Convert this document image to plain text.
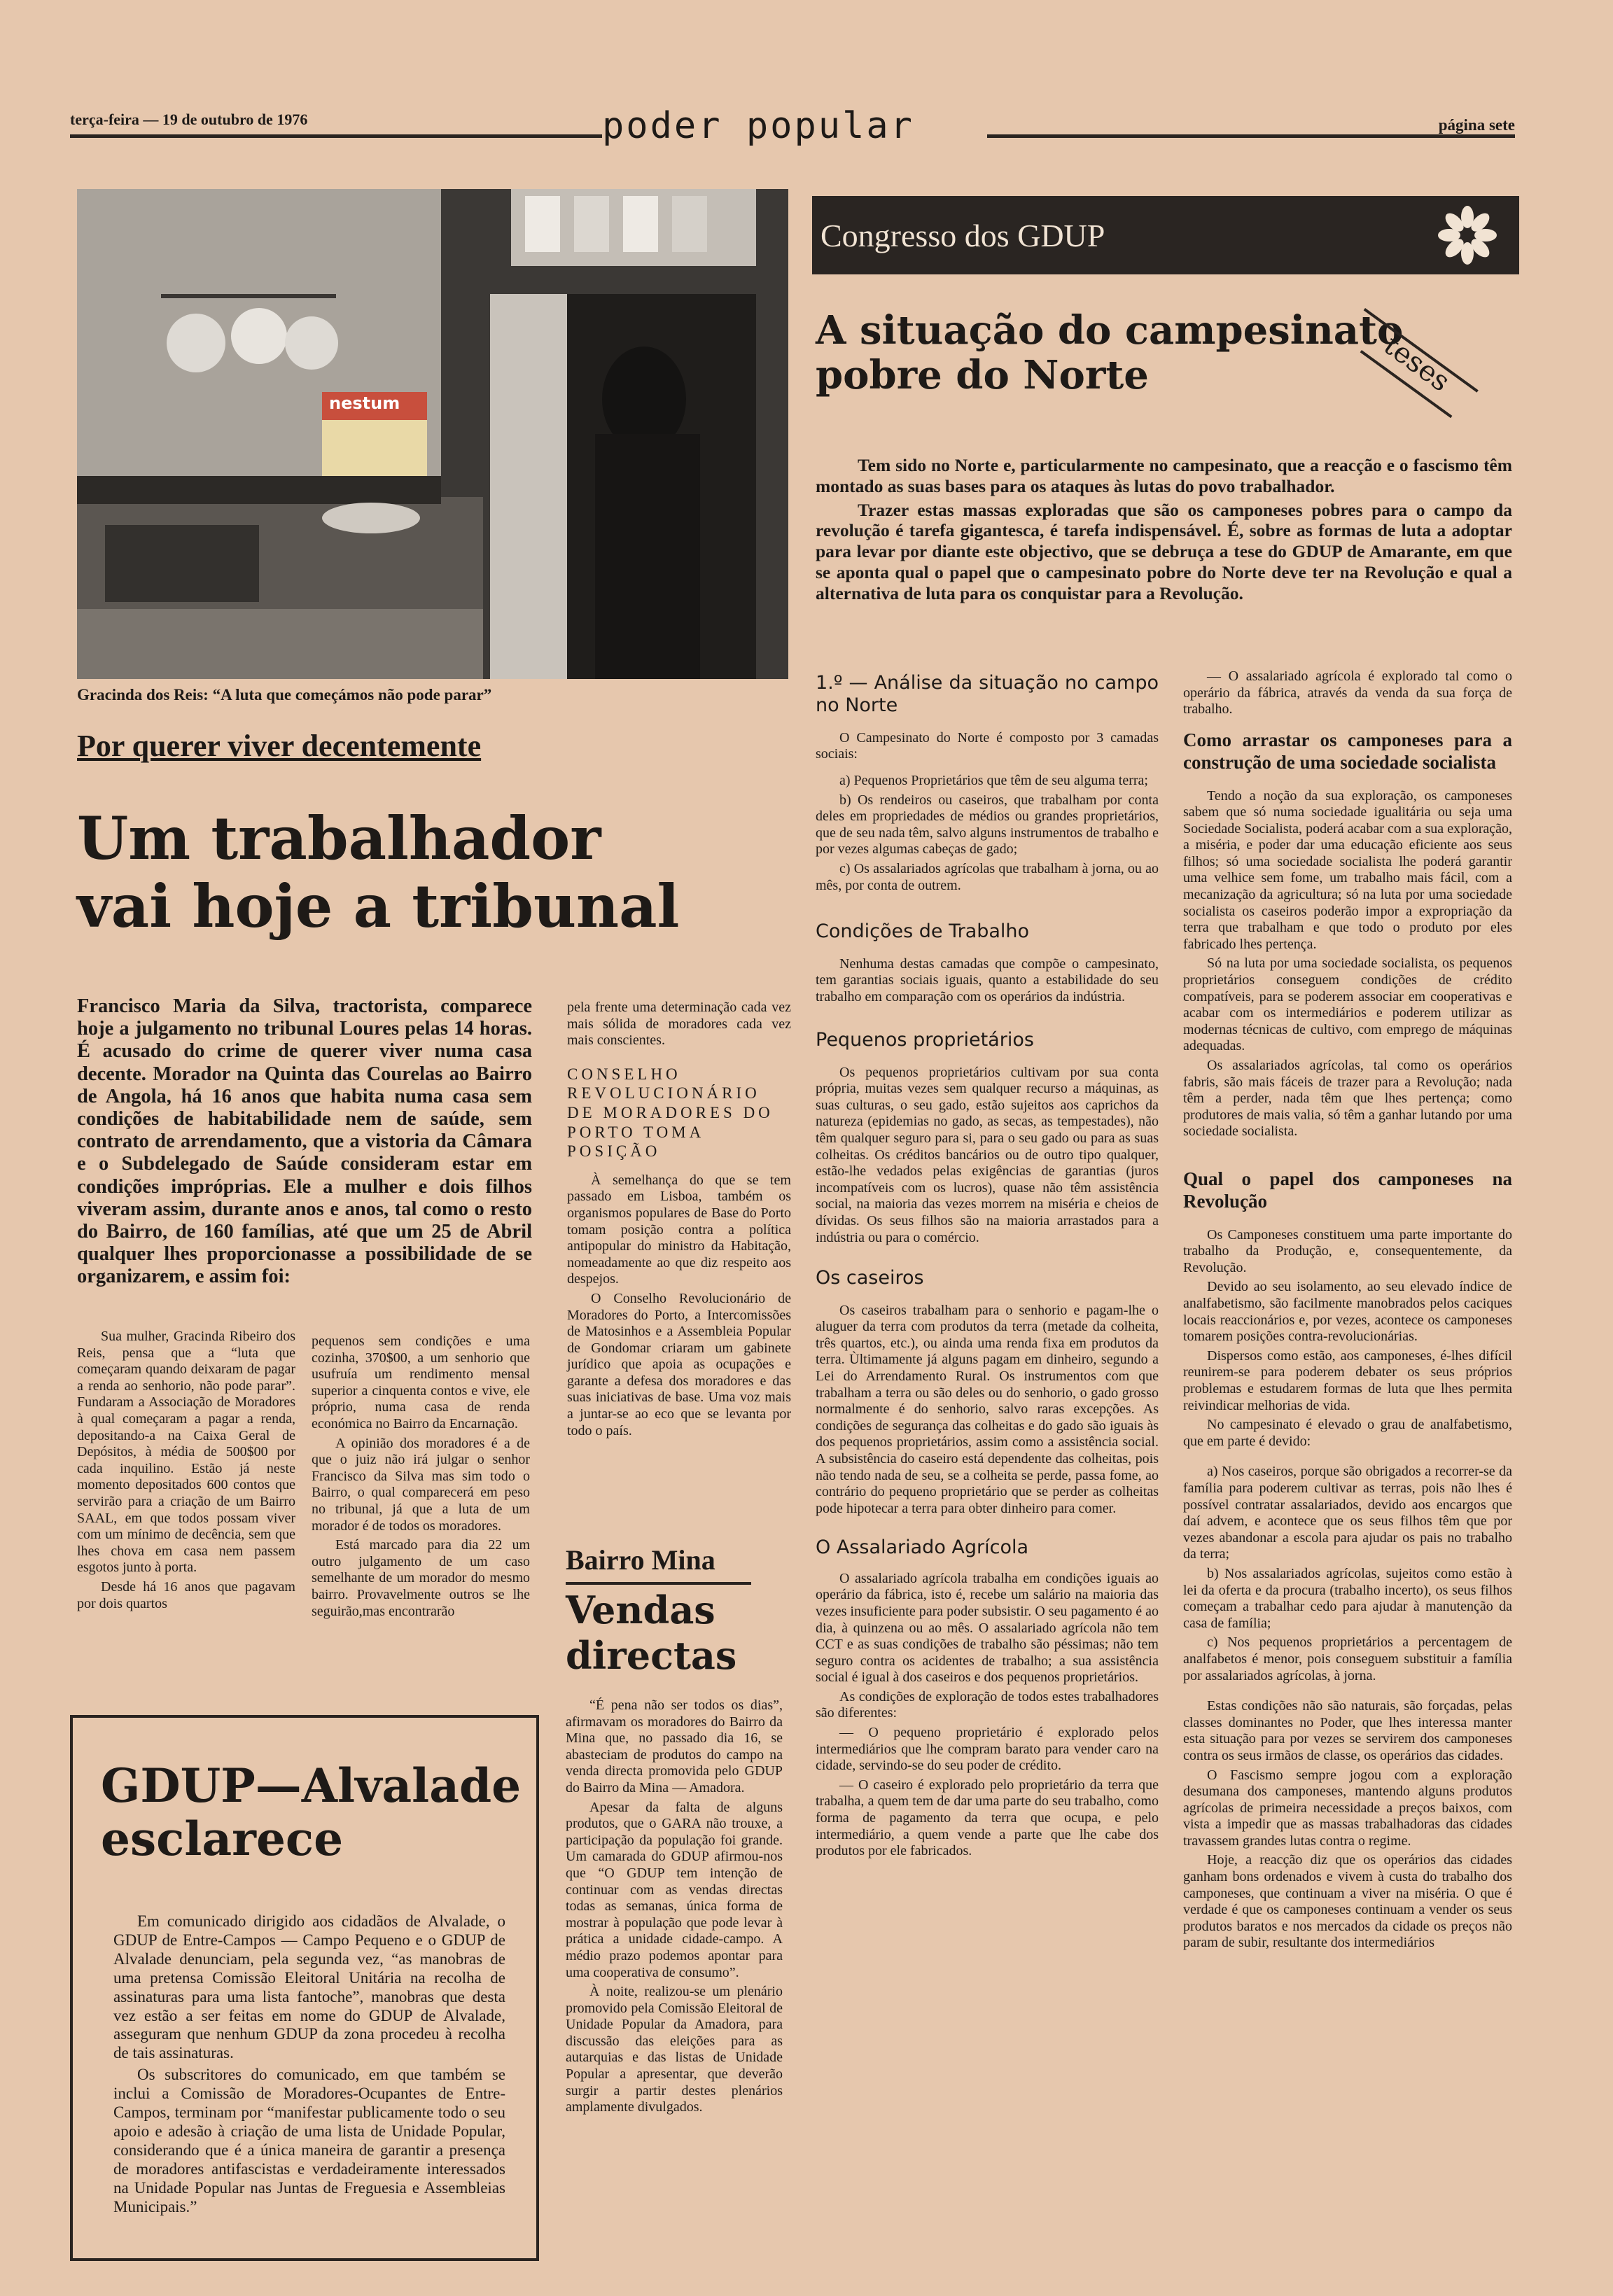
terça-feira — 19 de outubro de 1976	poder popular	página sete
nestum
Gracinda dos Reis: “A luta que começámos não pode parar”
Por querer viver decentemente
Um trabalhador
vai hoje a tribunal
Francisco Maria da Silva, tractorista, comparece hoje a julgamento no tribunal Loures pelas 14 horas. É acusado do crime de querer viver numa casa decente. Morador na Quinta das Courelas ao Bairro de Angola, há 16 anos que habita numa casa sem condições de habitabilidade nem de saúde, sem contrato de arrendamento, que a vistoria da Câmara e o Subdelegado de Saúde consideram estar em condições impróprias. Ele a mulher e dois filhos viveram assim, durante anos e anos, tal como o resto do Bairro, de 160 famílias, até que um 25 de Abril qualquer lhes proporcionasse a possibilidade de se organizarem, e assim foi:

Sua mulher, Gracinda Ribeiro dos Reis, pensa que a “luta que começaram quando deixaram de pagar a renda ao senhorio, não pode parar”. Fundaram a Associação de Moradores à qual começaram a pagar a renda, depositando-a na Caixa Geral de Depósitos, à média de 500$00 por cada inquilino. Estão já neste momento depositados 600 contos que servirão para a criação de um Bairro SAAL, em que todos possam viver com um mínimo de decência, sem que lhes chova em casa nem passem esgotos junto à porta.

Desde há 16 anos que pagavam por dois quartos

pequenos sem condições e uma cozinha, 370$00, a um senhorio que usufruía um rendimento mensal superior a cinquenta contos e vive, ele próprio, numa casa de renda económica no Bairro da Encarnação.

A opinião dos moradores é a de que o juiz não irá julgar o senhor Francisco da Silva mas sim todo o Bairro, o qual comparecerá em peso no tribunal, já que a luta de um morador é de todos os moradores.

Está marcado para dia 22 um outro julgamento de um caso semelhante de um morador do mesmo bairro. Provavelmente outros se lhe seguirão,mas encontrarão

pela frente uma determinação cada vez mais sólida de moradores cada vez mais conscientes.

CONSELHO REVOLUCIONÁRIO DE MORADORES DO PORTO TOMA POSIÇÃO

À semelhança do que se tem passado em Lisboa, também os organismos populares de Base do Porto tomam posição contra a política antipopular do ministro da Habitação, nomeadamente ao que diz respeito aos despejos.

O Conselho Revolucionário de Moradores do Porto, a Intercomissões de Matosinhos e a Assembleia Popular de Gondomar criaram um gabinete jurídico que apoia as ocupações e garante a defesa dos moradores e das suas iniciativas de base. Uma voz mais a juntar-se ao eco que se levanta por todo o país.

Bairro Mina
Vendas
directas

“É pena não ser todos os dias”, afirmavam os moradores do Bairro da Mina que, no passado dia 16, se abasteciam de produtos do campo na venda directa promovida pelo GDUP do Bairro da Mina — Amadora.

Apesar da falta de alguns produtos, que o GARA não trouxe, a participação da população foi grande. Um camarada do GDUP afirmou-nos que “O GDUP tem intenção de continuar com as vendas directas todas as semanas, única forma de mostrar à população que pode levar à prática a unidade cidade-campo. A médio prazo podemos apontar para uma cooperativa de consumo”.

À noite, realizou-se um plenário promovido pela Comissão Eleitoral de Unidade Popular da Amadora, para discussão das eleições para as autarquias e das listas de Unidade Popular a apresentar, que deverão surgir a partir destes plenários amplamente divulgados.

GDUP—Alvalade
esclarece

Em comunicado dirigido aos cidadãos de Alvalade, o GDUP de Entre-Campos — Campo Pequeno e o GDUP de Alvalade denunciam, pela segunda vez, “as manobras de uma pretensa Comissão Eleitoral Unitária na recolha de assinaturas para uma lista fantoche”, manobras que desta vez estão a ser feitas em nome do GDUP de Alvalade, asseguram que nenhum GDUP da zona procedeu à recolha de tais assinaturas.

Os subscritores do comunicado, em que também se inclui a Comissão de Moradores-Ocupantes de Entre-Campos, terminam por “manifestar publicamente todo o seu apoio e adesão à criação de uma lista de Unidade Popular, considerando que é a única maneira de garantir a presença de moradores antifascistas e verdadeiramente interessados na Unidade Popular nas Juntas de Freguesia e Assembleias Municipais.”

Congresso dos GDUP
A situação do campesinato
pobre do Norte	teses

Tem sido no Norte e, particularmente no campesinato, que a reacção e o fascismo têm montado as suas bases para os ataques às lutas do povo trabalhador.

Trazer estas massas exploradas que são os camponeses pobres para o campo da revolução é tarefa gigantesca, é tarefa indispensável. É, sobre as formas de luta a adoptar para levar por diante este objectivo, que se debruça a tese do GDUP de Amarante, em que se aponta qual o papel que o campesinato pobre do Norte deve ter na Revolução e qual a alternativa de luta para os conquistar para a Revolução.

1.º — Análise da situação no campo no Norte

O Campesinato do Norte é composto por 3 camadas sociais:

a) Pequenos Proprietários que têm de seu alguma terra;

b) Os rendeiros ou caseiros, que trabalham por conta deles em propriedades de médios ou grandes proprietários, que de seu nada têm, salvo alguns instrumentos de trabalho e por vezes algumas cabeças de gado;

c) Os assalariados agrícolas que trabalham à jorna, ou ao mês, por conta de outrem.

Condições de Trabalho

Nenhuma destas camadas que compõe o campesinato, tem garantias sociais iguais, quanto a estabilidade do seu trabalho em comparação com os operários da indústria.

Pequenos proprietários

Os pequenos proprietários cultivam por sua conta própria, muitas vezes sem qualquer recurso a máquinas, as suas culturas, o seu gado, estão sujeitos aos caprichos da natureza (epidemias no gado, as secas, as tempestades), não têm qualquer seguro para si, para o seu gado ou para as suas colheitas. Os créditos bancários ou de outro tipo qualquer, estão-lhe vedados pelas exigências de garantias (juros incompatíveis com os lucros), quase não têm assistência social, na maioria das vezes morrem na miséria e cheios de dívidas. Os seus filhos são na maioria arrastados para a indústria ou para o comércio.

Os caseiros

Os caseiros trabalham para o senhorio e pagam-lhe o aluguer da terra com produtos da terra (metade da colheita, três quartos, etc.), ou ainda uma renda fixa em produtos da terra. Ùltimamente já alguns pagam em dinheiro, segundo a Lei do Arrendamento Rural. Os instrumentos com que trabalham a terra ou são deles ou do senhorio, o gado grosso normalmente é do senhorio, salvo raras excepções. As condições de segurança das colheitas e do gado são iguais às dos pequenos proprietários, assim como a assistência social. A subsistência do caseiro está dependente das colheitas, pois não tendo nada de seu, se a colheita se perde, passa fome, ao contrário do pequeno proprietário que se perder as colheitas pode hipotecar a terra para obter dinheiro para comer.

O Assalariado Agrícola

O assalariado agrícola trabalha em condições iguais ao operário da fábrica, isto é, recebe um salário na maioria das vezes insuficiente para poder subsistir. O seu pagamento é ao dia, à quinzena ou ao mês. O assalariado agrícola não tem CCT e as suas condições de trabalho são péssimas; não tem seguro contra os acidentes de trabalho; a sua assistência social é igual à dos caseiros e dos pequenos proprietários.

As condições de exploração de todos estes trabalhadores são diferentes:

— O pequeno proprietário é explorado pelos intermediários que lhe compram barato para vender caro na cidade, servindo-se do seu poder de crédito.

— O caseiro é explorado pelo proprietário da terra que trabalha, a quem tem de dar uma parte do seu trabalho, como forma de pagamento da terra que ocupa, e pelo intermediário, a quem vende a parte que lhe cabe dos produtos por ele fabricados.

— O assalariado agrícola é explorado tal como o operário da fábrica, através da venda da sua força de trabalho.

Como arrastar os camponeses para a construção de uma sociedade socialista

Tendo a noção da sua exploração, os camponeses sabem que só numa sociedade igualitária ou seja uma Sociedade Socialista, poderá acabar com a sua exploração, a miséria, e poder dar uma educação eficiente aos seus filhos; só uma sociedade socialista lhe poderá garantir uma velhice sem fome, um trabalho mais fácil, com a mecanização da agricultura; só na luta por uma sociedade socialista os caseiros poderão impor a expropriação da terra que trabalham e que todo o produto por eles fabricado lhes pertença.

Só na luta por uma sociedade socialista, os pequenos proprietários conseguem condições de crédito compatíveis, para se poderem associar em cooperativas e acabar com os intermediários e poderem utilizar as modernas técnicas de cultivo, com emprego de máquinas adequadas.

Os assalariados agrícolas, tal como os operários fabris, são mais fáceis de trazer para a Revolução; nada têm a perder, nada têm que lhes pertença; como produtores de mais valia, só têm a ganhar lutando por uma sociedade socialista.

Qual o papel dos camponeses na Revolução

Os Camponeses constituem uma parte importante do trabalho da Produção, e, consequentemente, da Revolução.

Devido ao seu isolamento, ao seu elevado índice de analfabetismo, são facilmente manobrados pelos caciques locais reaccionários e, por vezes, acontece os camponeses tomarem posições contra-revolucionárias.

Dispersos como estão, aos camponeses, é-lhes difícil reunirem-se para poderem debater os seus próprios problemas e estudarem formas de luta que lhes permita reivindicar melhorias de vida.

No campesinato é elevado o grau de analfabetismo, que em parte é devido:

a) Nos caseiros, porque são obrigados a recorrer-se da família para poderem cultivar as terras, pois não lhes é possível contratar assalariados, devido aos encargos que daí advem, e acontece que os seus filhos têm que por vezes abandonar a escola para ajudar os pais no trabalho da terra;

b) Nos assalariados agrícolas, sujeitos como estão à lei da oferta e da procura (trabalho incerto), os seus filhos começam a trabalhar cedo para ajudar à manutenção da casa de família;

c) Nos pequenos proprietários a percentagem de analfabetos é menor, pois conseguem substituir a família por assalariados agrícolas, à jorna.

Estas condições não são naturais, são forçadas, pelas classes dominantes no Poder, que lhes interessa manter esta situação para por vezes se servirem dos camponeses contra os seus irmãos de classe, os operários das cidades.

O Fascismo sempre jogou com a exploração desumana dos camponeses, mantendo alguns produtos agrícolas de primeira necessidade a preços baixos, com vista a impedir que as massas trabalhadoras das cidades travassem grandes lutas contra o regime.

Hoje, a reacção diz que os operários das cidades ganham bons ordenados e vivem à custa do trabalho dos camponeses, que continuam a viver na miséria. O que é verdade é que os camponeses continuam a vender os seus produtos baratos e nos mercados da cidade os preços não param de subir, resultante dos intermediários
